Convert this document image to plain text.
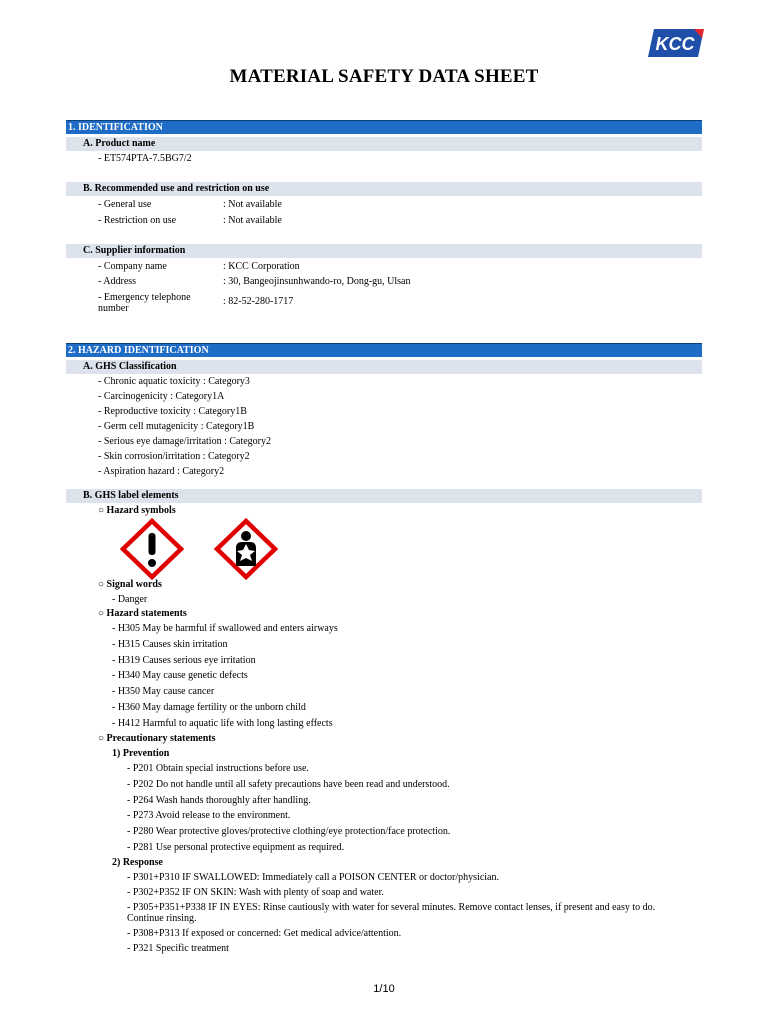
KCC
MATERIAL SAFETY DATA SHEET
1. IDENTIFICATION
A. Product name
- ET574PTA-7.5BG7/2
B. Recommended use and restriction on use
- General use	: Not available
- Restriction on use	: Not available
C. Supplier information
- Company name	: KCC Corporation
- Address	: 30, Bangeojinsunhwando-ro, Dong-gu, Ulsan
- Emergency telephone number
: 82-52-280-1717
2. HAZARD IDENTIFICATION
A. GHS Classification
- Chronic aquatic toxicity : Category3
- Carcinogenicity : Category1A
- Reproductive toxicity : Category1B
- Germ cell mutagenicity : Category1B
- Serious eye damage/irritation : Category2
- Skin corrosion/irritation : Category2
- Aspiration hazard : Category2
B. GHS label elements
○ Hazard symbols
○ Signal words
- Danger
○ Hazard statements
- H305 May be harmful if swallowed and enters airways
- H315 Causes skin irritation
- H319 Causes serious eye irritation
- H340 May cause genetic defects
- H350 May cause cancer
- H360 May damage fertility or the unborn child
- H412 Harmful to aquatic life with long lasting effects
○ Precautionary statements
1) Prevention
- P201 Obtain special instructions before use.
- P202 Do not handle until all safety precautions have been read and understood.
- P264 Wash hands thoroughly after handling.
- P273 Avoid release to the environment.
- P280 Wear protective gloves/protective clothing/eye protection/face protection.
- P281 Use personal protective equipment as required.
2) Response
- P301+P310 IF SWALLOWED: Immediately call a POISON CENTER or doctor/physician.
- P302+P352 IF ON SKIN: Wash with plenty of soap and water.
- P305+P351+P338 IF IN EYES: Rinse cautiously with water for several minutes. Remove contact lenses, if present and easy to do. Continue rinsing.
- P308+P313 If exposed or concerned: Get medical advice/attention.
- P321 Specific treatment
1/10
